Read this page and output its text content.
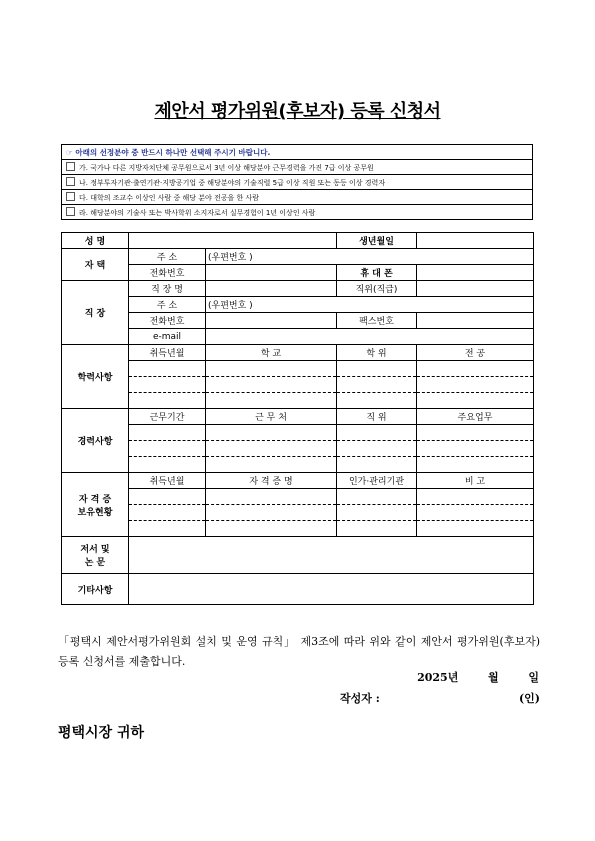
제안서 평가위원(후보자) 등록 신청서
☞ 아래의 선정분야 중 반드시 하나만 선택해 주시기 바랍니다.
가. 국가나 다른 지방자치단체 공무원으로서 3년 이상 해당분야 근무경력을 가진 7급 이상 공무원
나. 정부투자기관·출연기관·지방공기업 중 해당분야의 기술직렬 5급 이상 직원 또는 동등 이상 경력자
다. 대학의 조교수 이상인 사람 중 해당 분야 전공을 한 사람
라. 해당분야의 기술사 또는 박사학위 소지자로서 실무경험이 1년 이상인 사람
성 명			생년월일	
자 택	주 소	(우편번호 )		
	전화번호		휴 대 폰	
직 장	직 장 명		직위(직급)	
	주 소	(우편번호 )		
	전화번호		팩스번호	
	e-mail			
학력사항	취득년월	학 교	학 위	전 공

경력사항	근무기간	근 무 처	직 위	주요업무

자 격 증
보유현황	취득년월	자 격 증 명	인가·관리기관	비 고

저서 및
논 문				

기타사항				
「평택시 제안서평가위원회 설치 및 운영 규칙」 제3조에 따라 위와 같이 제안서 평가위원(후보자) 등록 신청서를 제출합니다.
2025년	월	일
작성자 :	(인)
평택시장 귀하
